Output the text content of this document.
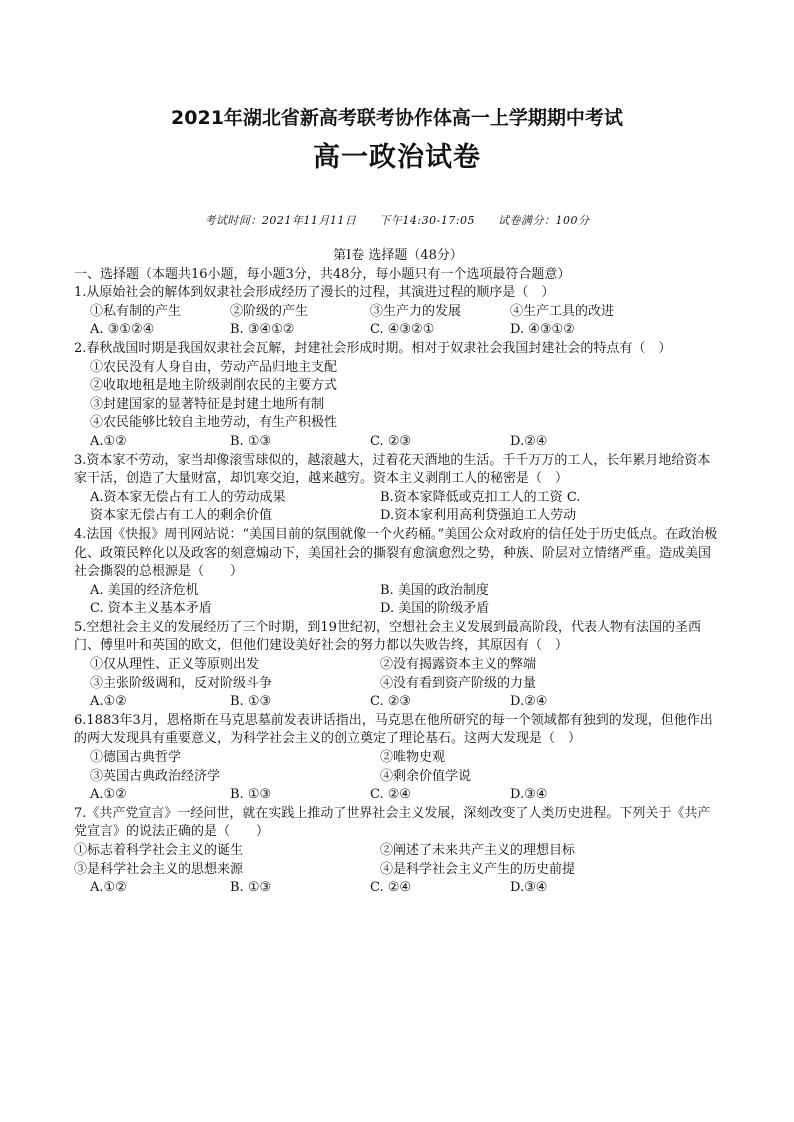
2021年湖北省新高考联考协作体高一上学期期中考试
高一政治试卷
考试时间：2021年11月11日　　下午14:30-17:05　　试卷满分：100分
第Ⅰ卷 选择题（48分）
一、选择题（本题共16小题，每小题3分，共48分，每小题只有一个选项最符合题意）
1.从原始社会的解体到奴隶社会形成经历了漫长的过程，其演进过程的顺序是（　）
①私有制的产生	②阶级的产生	③生产力的发展	④生产工具的改进
A. ③①②④	B. ③④①②	C. ④③②①	D. ④③①②
2.春秋战国时期是我国奴隶社会瓦解，封建社会形成时期。相对于奴隶社会我国封建社会的特点有（　）
①农民没有人身自由，劳动产品归地主支配
②收取地租是地主阶级剥削农民的主要方式
③封建国家的显著特征是封建土地所有制
④农民能够比较自主地劳动，有生产积极性
A.①②	B. ①③	C. ②③	D.②④
3.资本家不劳动，家当却像滚雪球似的，越滚越大，过着花天酒地的生活。千千万万的工人，长年累月地给资本家干活，创造了大量财富，却饥寒交迫，越来越穷。资本主义剥削工人的秘密是（　）
A.资本家无偿占有工人的劳动成果	B.资本家降低或克扣工人的工资 C.
资本家无偿占有工人的剩余价值	D.资本家利用高利贷强迫工人劳动
4.法国《快报》周刊网站说：“美国目前的氛围就像一个火药桶。”美国公众对政府的信任处于历史低点。在政治极化、政策民粹化以及政客的刻意煽动下，美国社会的撕裂有愈演愈烈之势，种族、阶层对立情绪严重。造成美国社会撕裂的总根源是（　　）
A. 美国的经济危机	B. 美国的政治制度
C. 资本主义基本矛盾	D. 美国的阶级矛盾
5.空想社会主义的发展经历了三个时期，到19世纪初，空想社会主义发展到最高阶段，代表人物有法国的圣西门、傅里叶和英国的欧文，但他们建设美好社会的努力都以失败告终，其原因有（　）
①仅从理性、正义等原则出发	②没有揭露资本主义的弊端
③主张阶级调和，反对阶级斗争	④没有看到资产阶级的力量
A.①②	B. ①③	C. ②③	D.②④
6.1883年3月，恩格斯在马克思墓前发表讲话指出，马克思在他所研究的每一个领域都有独到的发现，但他作出的两大发现具有重要意义，为科学社会主义的创立奠定了理论基石。这两大发现是（　）
①德国古典哲学	②唯物史观
③英国古典政治经济学	④剩余价值学说
A.①②	B. ①③	C. ②④	D.③④
7.《共产党宣言》一经问世，就在实践上推动了世界社会主义发展，深刻改变了人类历史进程。下列关于《共产党宣言》的说法正确的是（　　）
①标志着科学社会主义的诞生	②阐述了未来共产主义的理想目标
③是科学社会主义的思想来源	④是科学社会主义产生的历史前提
A.①②	B. ①③	C. ②④	D.③④
